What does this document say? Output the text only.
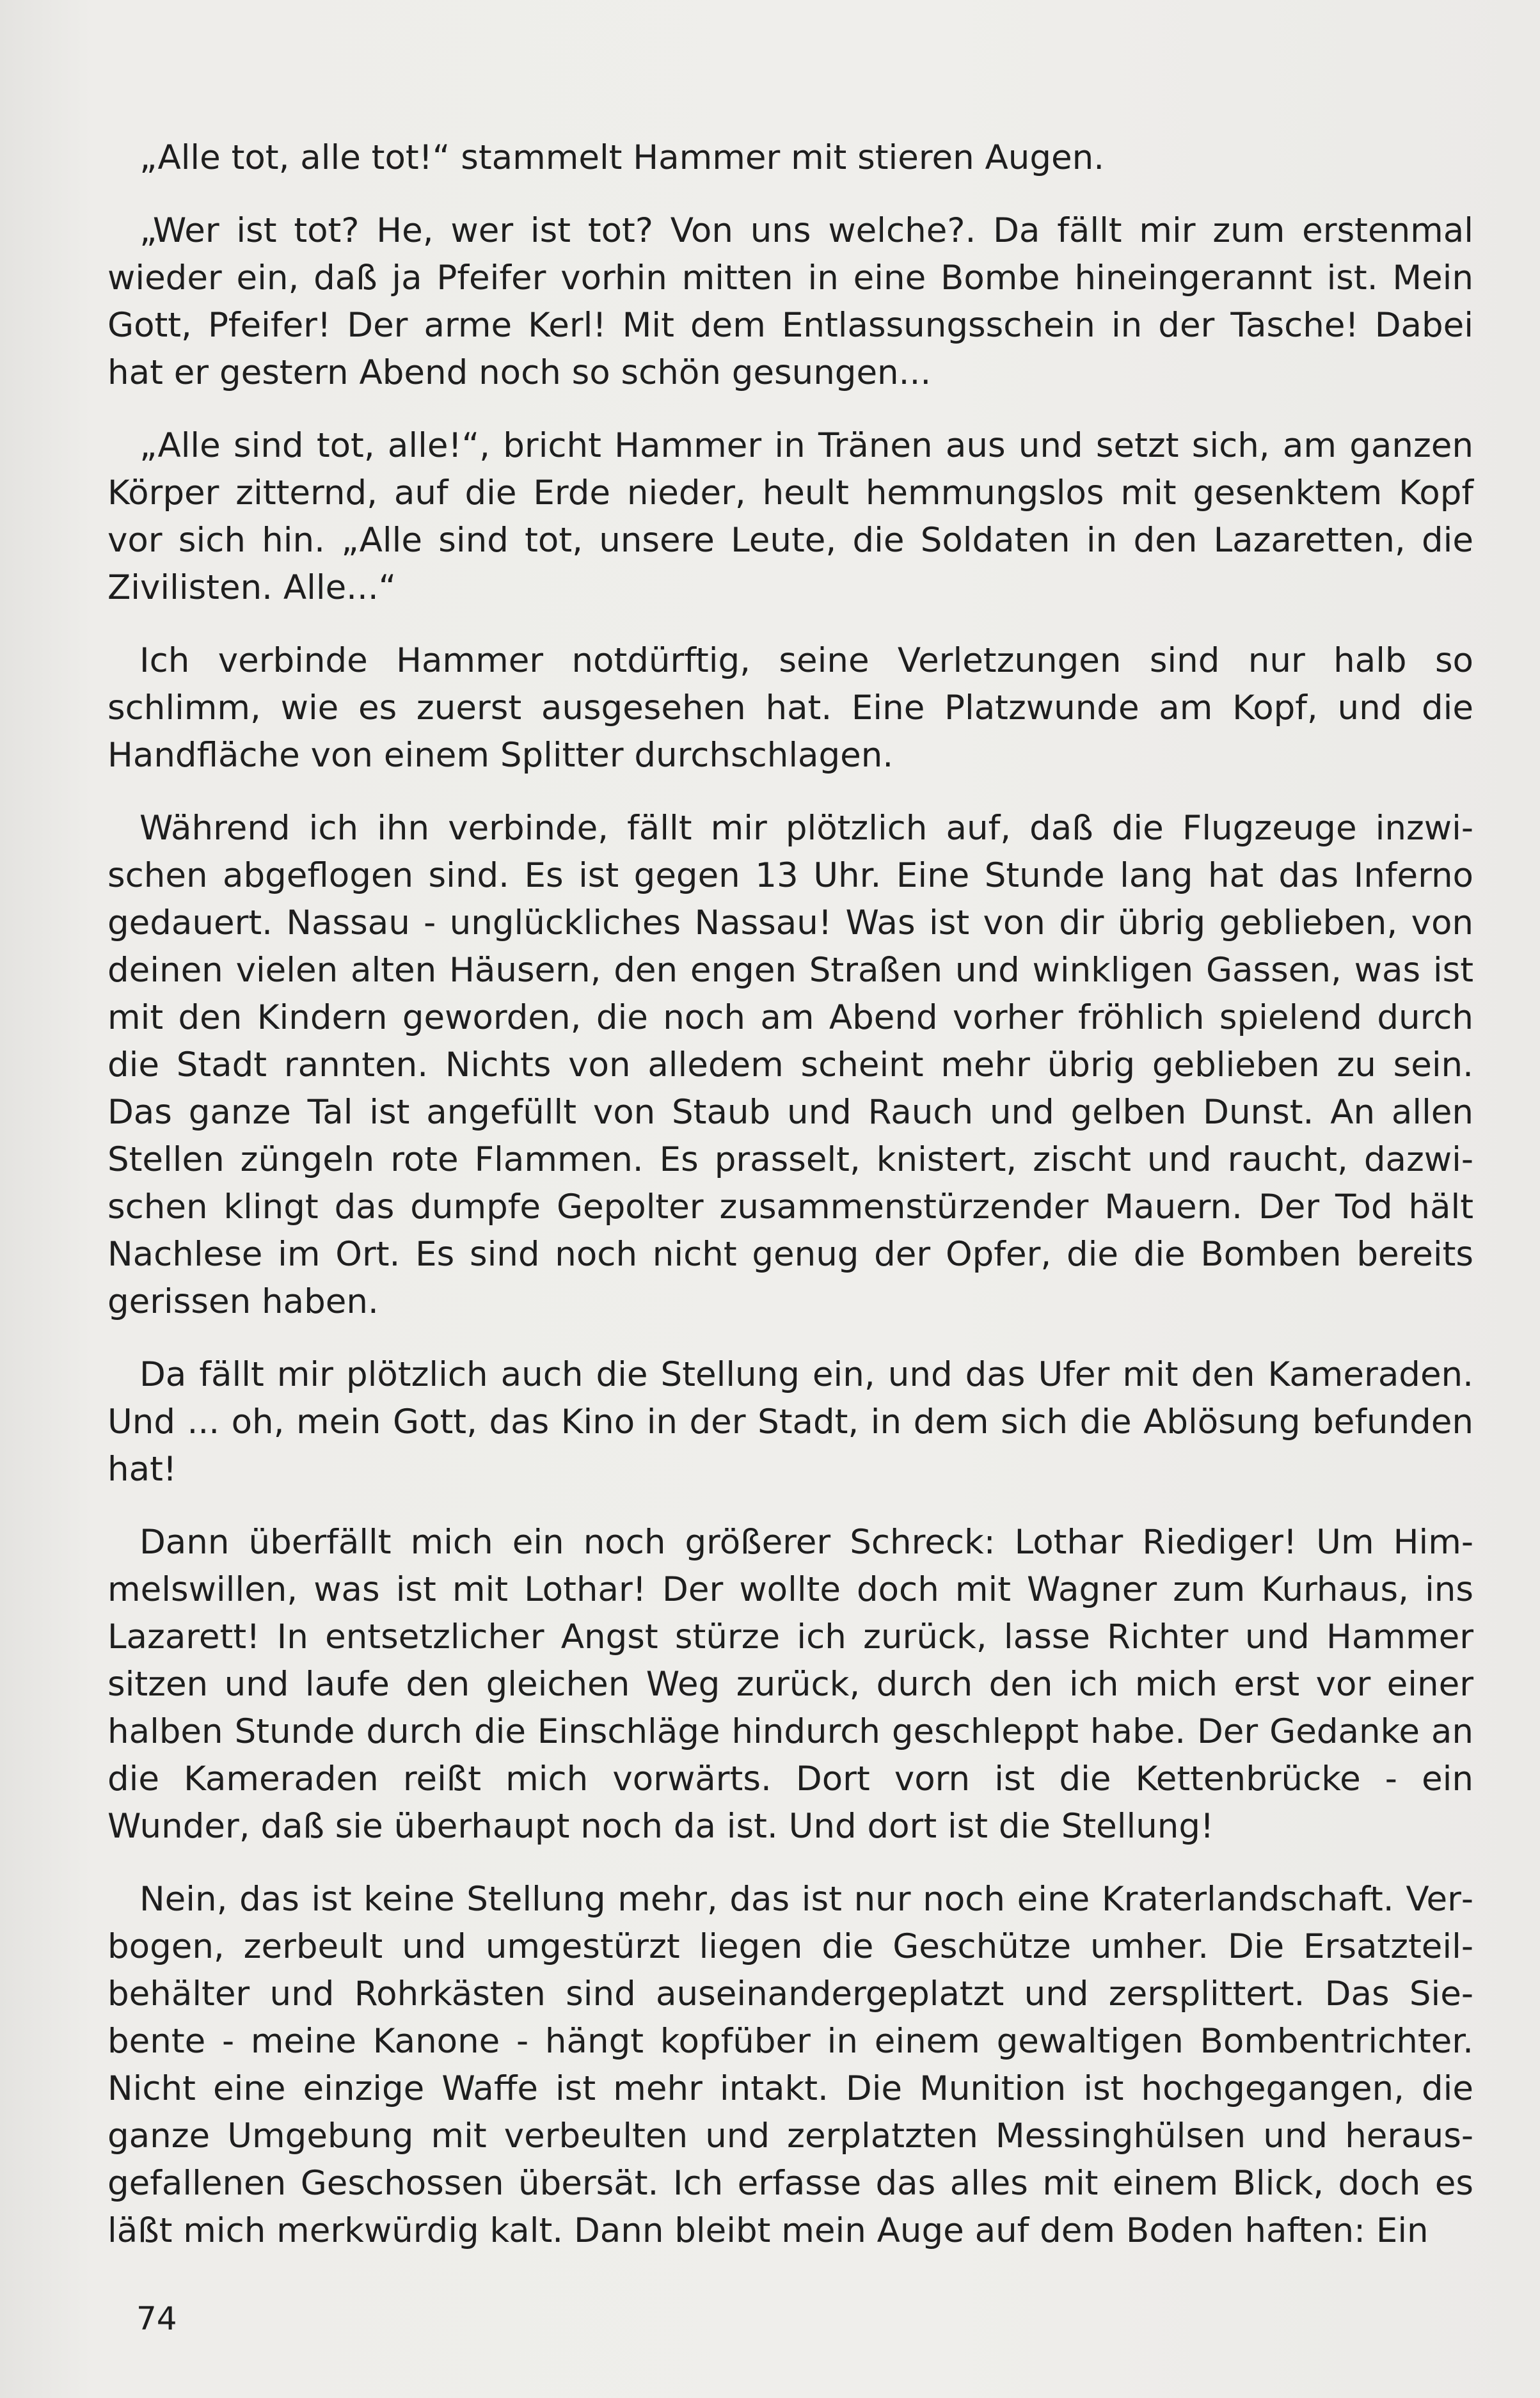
„Alle tot, alle tot!“ stammelt Hammer mit stieren Augen.

„Wer ist tot? He, wer ist tot? Von uns welche?. Da fällt mir zum erstenmal wieder ein, daß ja Pfeifer vorhin mitten in eine Bombe hineingerannt ist. Mein Gott, Pfeifer! Der arme Kerl! Mit dem Entlassungsschein in der Tasche! Dabei hat er gestern Abend noch so schön gesungen...

„Alle sind tot, alle!“, bricht Hammer in Tränen aus und setzt sich, am ganzen Körper zitternd, auf die Erde nieder, heult hemmungslos mit gesenktem Kopf vor sich hin. „Alle sind tot, unsere Leute, die Soldaten in den Lazaretten, die Zivilisten. Alle...“

Ich verbinde Hammer notdürftig, seine Verletzungen sind nur halb so schlimm, wie es zuerst ausgesehen hat. Eine Platzwunde am Kopf, und die Handfläche von einem Splitter durchschlagen.

Während ich ihn verbinde, fällt mir plötzlich auf, daß die Flugzeuge inzwischen abgeflogen sind. Es ist gegen 13 Uhr. Eine Stunde lang hat das Inferno gedauert. Nassau - unglückliches Nassau! Was ist von dir übrig geblieben, von deinen vielen alten Häusern, den engen Straßen und winkligen Gassen, was ist mit den Kindern geworden, die noch am Abend vorher fröhlich spielend durch die Stadt rannten. Nichts von alledem scheint mehr übrig geblieben zu sein. Das ganze Tal ist angefüllt von Staub und Rauch und gelben Dunst. An allen Stellen züngeln rote Flammen. Es prasselt, knistert, zischt und raucht, dazwischen klingt das dumpfe Gepolter zusammenstürzender Mauern. Der Tod hält Nachlese im Ort. Es sind noch nicht genug der Opfer, die die Bomben bereits gerissen haben.

Da fällt mir plötzlich auch die Stellung ein, und das Ufer mit den Kameraden. Und ... oh, mein Gott, das Kino in der Stadt, in dem sich die Ablösung befunden hat!

Dann überfällt mich ein noch größerer Schreck: Lothar Riediger! Um Himmelswillen, was ist mit Lothar! Der wollte doch mit Wagner zum Kurhaus, ins Lazarett! In entsetzlicher Angst stürze ich zurück, lasse Richter und Hammer sitzen und laufe den gleichen Weg zurück, durch den ich mich erst vor einer halben Stunde durch die Einschläge hindurch geschleppt habe. Der Gedanke an die Kameraden reißt mich vorwärts. Dort vorn ist die Kettenbrücke - ein Wunder, daß sie überhaupt noch da ist. Und dort ist die Stellung!

Nein, das ist keine Stellung mehr, das ist nur noch eine Kraterlandschaft. Verbogen, zerbeult und umgestürzt liegen die Geschütze umher. Die Ersatzteilbehälter und Rohrkästen sind auseinandergeplatzt und zersplittert. Das Siebente - meine Kanone - hängt kopfüber in einem gewaltigen Bombentrichter. Nicht eine einzige Waffe ist mehr intakt. Die Munition ist hochgegangen, die ganze Umgebung mit verbeulten und zerplatzten Messinghülsen und herausgefallenen Geschossen übersät. Ich erfasse das alles mit einem Blick, doch es läßt mich merkwürdig kalt. Dann bleibt mein Auge auf dem Boden haften: Ein

74
